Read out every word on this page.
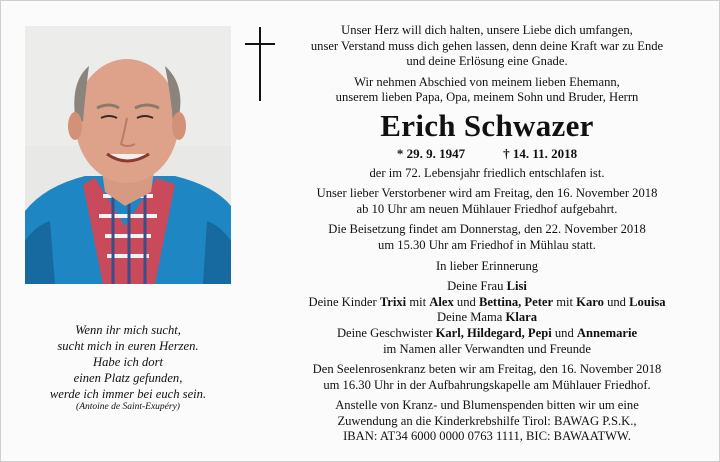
Wenn ihr mich sucht,
sucht mich in euren Herzen.
Habe ich dort
einen Platz gefunden,
werde ich immer bei euch sein.
(Antoine de Saint-Exupéry)
Unser Herz will dich halten, unsere Liebe dich umfangen,
unser Verstand muss dich gehen lassen, denn deine Kraft war zu Ende
und deine Erlösung eine Gnade.
Wir nehmen Abschied von meinem lieben Ehemann,
unserem lieben Papa, Opa, meinem Sohn und Bruder, Herrn
Erich Schwazer
* 29. 9. 1947	† 14. 11. 2018
der im 72. Lebensjahr friedlich entschlafen ist.
Unser lieber Verstorbener wird am Freitag, den 16. November 2018
ab 10 Uhr am neuen Mühlauer Friedhof aufgebahrt.
Die Beisetzung findet am Donnerstag, den 22. November 2018
um 15.30 Uhr am Friedhof in Mühlau statt.
In lieber Erinnerung
Deine Frau Lisi
Deine Kinder Trixi mit Alex und Bettina, Peter mit Karo und Louisa
Deine Mama Klara
Deine Geschwister Karl, Hildegard, Pepi und Annemarie
im Namen aller Verwandten und Freunde
Den Seelenrosenkranz beten wir am Freitag, den 16. November 2018
um 16.30 Uhr in der Aufbahrungskapelle am Mühlauer Friedhof.
Anstelle von Kranz- und Blumenspenden bitten wir um eine
Zuwendung an die Kinderkrebshilfe Tirol: BAWAG P.S.K.,
IBAN: AT34 6000 0000 0763 1111, BIC: BAWAATWW.
